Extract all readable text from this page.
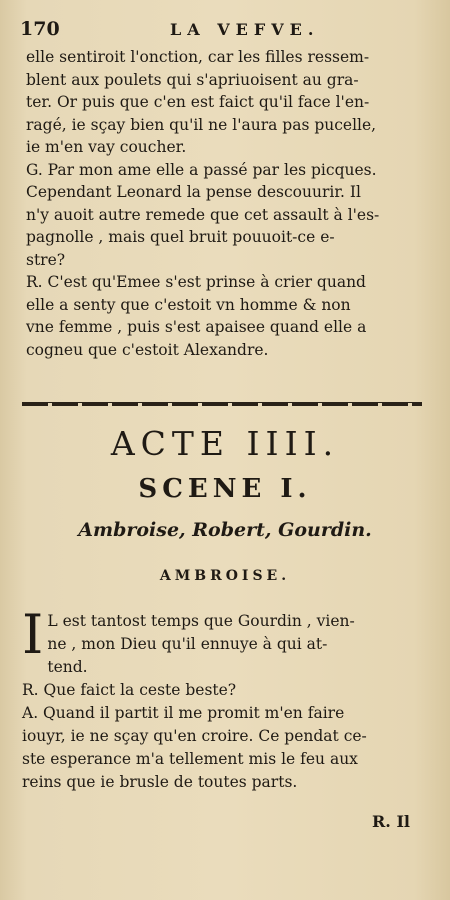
170	LA VEFVE.
elle sentiroit l'onction, car les filles ressem-
blent aux poulets qui s'apriuoisent au gra-
ter. Or puis que c'en est faict qu'il face l'en-
ragé, ie sçay bien qu'il ne l'aura pas pucelle,
ie m'en vay coucher.
G. Par mon ame elle a passé par les picques.
Cependant Leonard la pense descouurir. Il
n'y auoit autre remede que cet assault à l'es-
pagnolle , mais quel bruit pouuoit-ce e-
stre?
R. C'est qu'Emee s'est prinse à crier quand
elle a senty que c'estoit vn homme & non
vne femme , puis s'est apaisee quand elle a
cogneu que c'estoit Alexandre.
ACTE IIII.
SCENE I.
Ambroise, Robert, Gourdin.
AMBROISE.
I L est tantost temps que Gourdin , vien-
ne , mon Dieu qu'il ennuye à qui at-
tend.
R. Que faict la ceste beste?
A. Quand il partit il me promit m'en faire
iouyr, ie ne sçay qu'en croire. Ce pendat ce-
ste esperance m'a tellement mis le feu aux
reins que ie brusle de toutes parts.
R. Il
